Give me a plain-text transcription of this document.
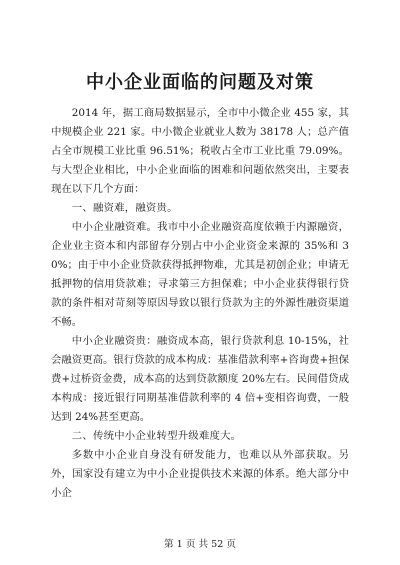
中小企业面临的问题及对策

2014 年，据工商局数据显示，全市中小微企业 455 家，其中规模企业 221 家。中小微企业就业人数为 38178 人；总产值占全市规模工业比重 96.51%；税收占全市工业比重 79.09%。与大型企业相比，中小企业面临的困难和问题依然突出，主要表现在以下几个方面：

一、融资难，融资贵。

中小企业融资难。我市中小企业融资高度依赖于内源融资，企业业主资本和内部留存分别占中小企业资金来源的 35%和 30%；由于中小企业贷款获得抵押物难，尤其是初创企业；申请无抵押物的信用贷款难；寻求第三方担保难；中小企业获得银行贷款的条件相对苛刻等原因导致以银行贷款为主的外源性融资渠道不畅。

中小企业融资贵：融资成本高，银行贷款利息 10-15%，社会融资更高。银行贷款的成本构成：基准借款利率+咨询费+担保费+过桥资金费，成本高的达到贷款额度 20%左右。民间借贷成本构成：接近银行同期基准借款利率的 4 倍+变相咨询费，一般达到 24%甚至更高。

二、传统中小企业转型升级难度大。

多数中小企业自身没有研发能力，也难以从外部获取。另外，国家没有建立为中小企业提供技术来源的体系。绝大部分中小企

第 1 页 共 52 页
